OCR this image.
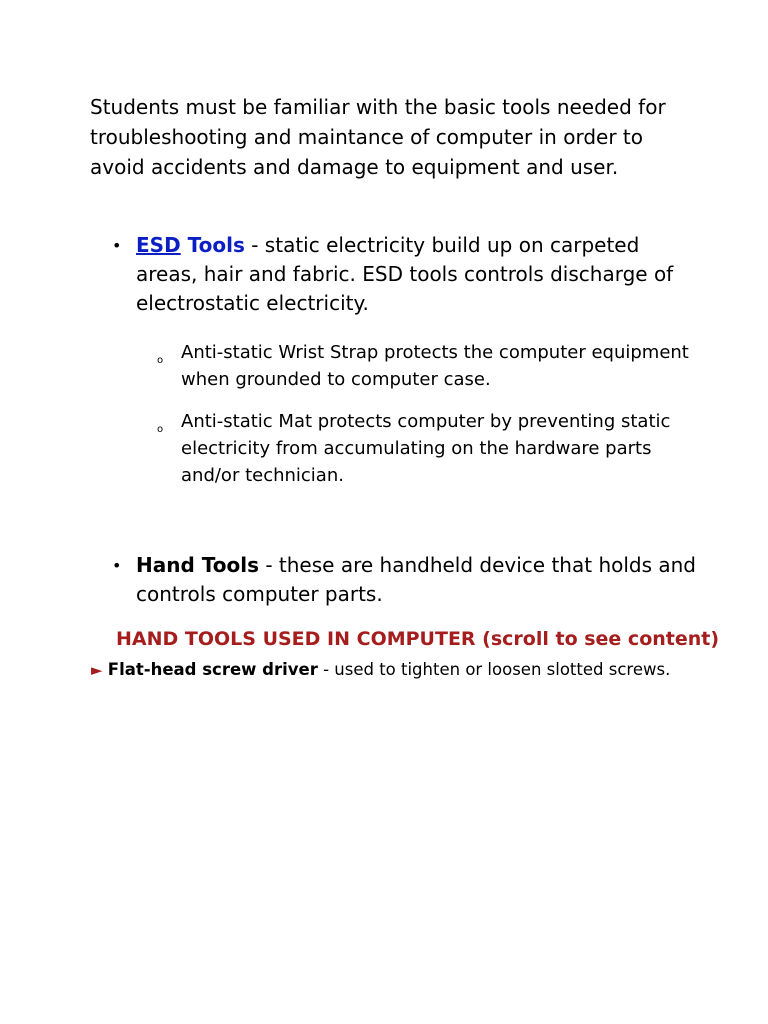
Students must be familiar with the basic tools needed for troubleshooting and maintance of computer in order to avoid accidents and damage to equipment and user.

• ESD Tools - static electricity build up on carpeted areas, hair and fabric. ESD tools controls discharge of electrostatic electricity.

o Anti-static Wrist Strap protects the computer equipment when grounded to computer case.

o Anti-static Mat protects computer by preventing static electricity from accumulating on the hardware parts and/or technician.

• Hand Tools - these are handheld device that holds and controls computer parts.

HAND TOOLS USED IN COMPUTER (scroll to see content)

► Flat-head screw driver - used to tighten or loosen slotted screws.
